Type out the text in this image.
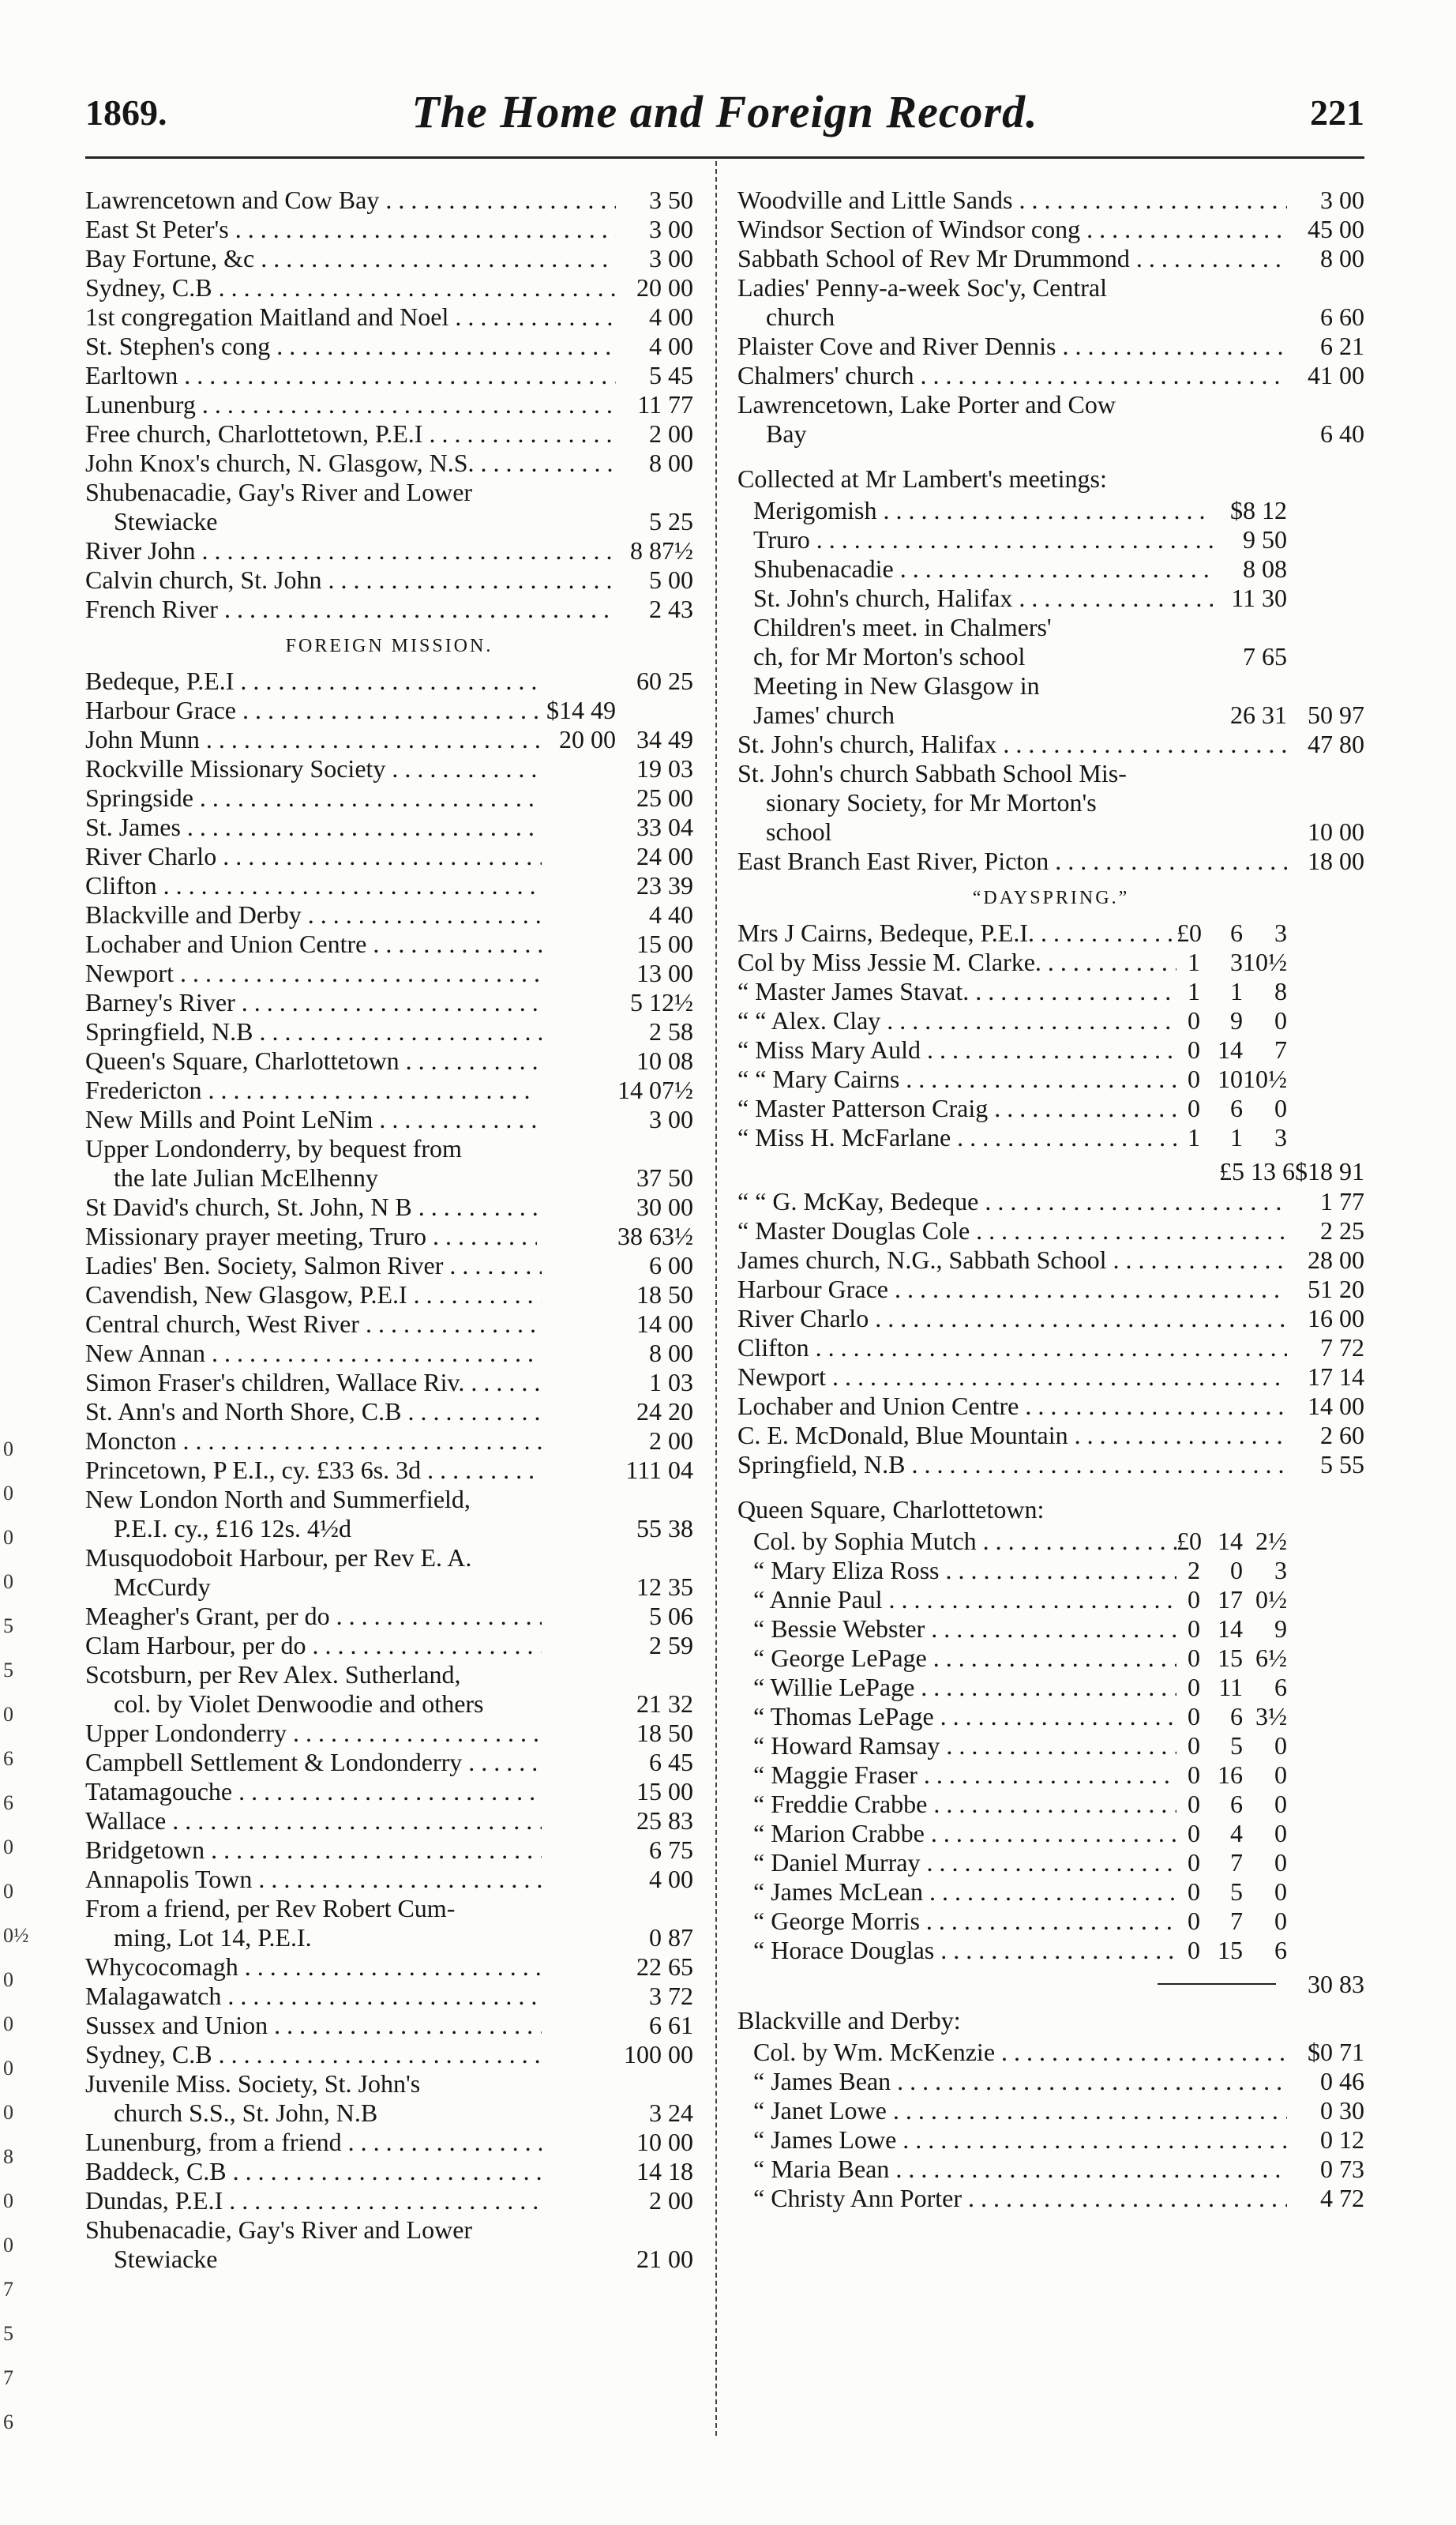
1869.	The Home and Foreign Record.	221
0
0
0
0
5
5
0
6
6
0
0
0½
0
0
0
0
8
0
0
7
5
7
6
Lawrencetown and Cow Bay . . .	3 50
East St Peter's . . .	3 00
Bay Fortune, &c . . .	3 00
Sydney, C.B . . .	20 00
1st congregation Maitland and Noel . . .	4 00
St. Stephen's cong . . .	4 00
Earltown . . .	5 45
Lunenburg . . .	11 77
Free church, Charlottetown, P.E.I . . .	2 00
John Knox's church, N. Glasgow, N.S. . . .	8 00
Shubenacadie, Gay's River and Lower
Stewiacke	5 25
River John . . .	8 87½
Calvin church, St. John . . .	5 00
French River . . .	2 43
FOREIGN MISSION.
Bedeque, P.E.I . . .	60 25
Harbour Grace . . .	$14 49
John Munn . . .	20 00 34 49
Rockville Missionary Society . . .	19 03
Springside . . .	25 00
St. James . . .	33 04
River Charlo . . .	24 00
Clifton . . .	23 39
Blackville and Derby . . .	4 40
Lochaber and Union Centre . . .	15 00
Newport . . .	13 00
Barney's River . . .	5 12½
Springfield, N.B . . .	2 58
Queen's Square, Charlottetown . . .	10 08
Fredericton . . .	14 07½
New Mills and Point LeNim . . .	3 00
Upper Londonderry, by bequest from
the late Julian McElhenny	37 50
St David's church, St. John, N B . . .	30 00
Missionary prayer meeting, Truro . . .	38 63½
Ladies' Ben. Society, Salmon River . . .	6 00
Cavendish, New Glasgow, P.E.I . . .	18 50
Central church, West River . . .	14 00
New Annan . . .	8 00
Simon Fraser's children, Wallace Riv. . . .	1 03
St. Ann's and North Shore, C.B . . .	24 20
Moncton . . .	2 00
Princetown, P E.I., cy. £33 6s. 3d . . .	111 04
New London North and Summerfield,
P.E.I. cy., £16 12s. 4½d	55 38
Musquodoboit Harbour, per Rev E. A.
McCurdy	12 35
Meagher's Grant, per do . . .	5 06
Clam Harbour, per do . . .	2 59
Scotsburn, per Rev Alex. Sutherland,
col. by Violet Denwoodie and others	21 32
Upper Londonderry . . .	18 50
Campbell Settlement & Londonderry . . .	6 45
Tatamagouche . . .	15 00
Wallace . . .	25 83
Bridgetown . . .	6 75
Annapolis Town . . .	4 00
From a friend, per Rev Robert Cum-
ming, Lot 14, P.E.I.	0 87
Whycocomagh . . .	22 65
Malagawatch . . .	3 72
Sussex and Union . . .	6 61
Sydney, C.B . . .	100 00
Juvenile Miss. Society, St. John's
church S.S., St. John, N.B	3 24
Lunenburg, from a friend . . .	10 00
Baddeck, C.B . . .	14 18
Dundas, P.E.I . . .	2 00
Shubenacadie, Gay's River and Lower
Stewiacke	21 00
Woodville and Little Sands . . .	3 00
Windsor Section of Windsor cong . . .	45 00
Sabbath School of Rev Mr Drummond . . .	8 00
Ladies' Penny-a-week Soc'y, Central
church	6 60
Plaister Cove and River Dennis . . .	6 21
Chalmers' church . . .	41 00
Lawrencetown, Lake Porter and Cow
Bay	6 40
Collected at Mr Lambert's meetings:
Merigomish . . .	$8 12
Truro . . .	9 50
Shubenacadie . . .	8 08
St. John's church, Halifax . . .	11 30
Children's meet. in Chalmers'
ch, for Mr Morton's school	7 65
Meeting in New Glasgow in
James' church	26 31 50 97
St. John's church, Halifax . . .	47 80
St. John's church Sabbath School Mis-
sionary Society, for Mr Morton's
school	10 00
East Branch East River, Picton . . .	18 00
“DAYSPRING.”
Mrs J Cairns, Bedeque, P.E.I. . . .	£0	6	3
Col by Miss Jessie M. Clarke. . . .	1	3 10½
“ Master James Stavat. . . .	1	1	8
“ “ Alex. Clay . . .	0	9	0
“ Miss Mary Auld . . .	0 14	7
“ “ Mary Cairns . . .	0 10 10½
“ Master Patterson Craig . . .	0	6	0
“ Miss H. McFarlane . . .	1	1	3
£5 13 6 $18 91
“ “ G. McKay, Bedeque . . .	1 77
“ Master Douglas Cole . . .	2 25
James church, N.G., Sabbath School . . .	28 00
Harbour Grace . . .	51 20
River Charlo . . .	16 00
Clifton . . .	7 72
Newport . . .	17 14
Lochaber and Union Centre . . .	14 00
C. E. McDonald, Blue Mountain . . .	2 60
Springfield, N.B . . .	5 55
Queen Square, Charlottetown:
Col. by Sophia Mutch . . .	£0 14 2½
“ Mary Eliza Ross . . .	2	0	3
“ Annie Paul . . .	0 17 0½
“ Bessie Webster . . .	0 14	9
“ George LePage . . .	0 15 6½
“ Willie LePage . . .	0 11	6
“ Thomas LePage . . .	0	6 3½
“ Howard Ramsay . . .	0	5	0
“ Maggie Fraser . . .	0 16	0
“ Freddie Crabbe . . .	0	6	0
“ Marion Crabbe . . .	0	4	0
“ Daniel Murray . . .	0	7	0
“ James McLean . . .	0	5	0
“ George Morris . . .	0	7	0
“ Horace Douglas . . .	0 15	6
30 83
Blackville and Derby:
Col. by Wm. McKenzie . . .	$0 71
“ James Bean . . .	0 46
“ Janet Lowe . . .	0 30
“ James Lowe . . .	0 12
“ Maria Bean . . .	0 73
“ Christy Ann Porter . . .	4 72
